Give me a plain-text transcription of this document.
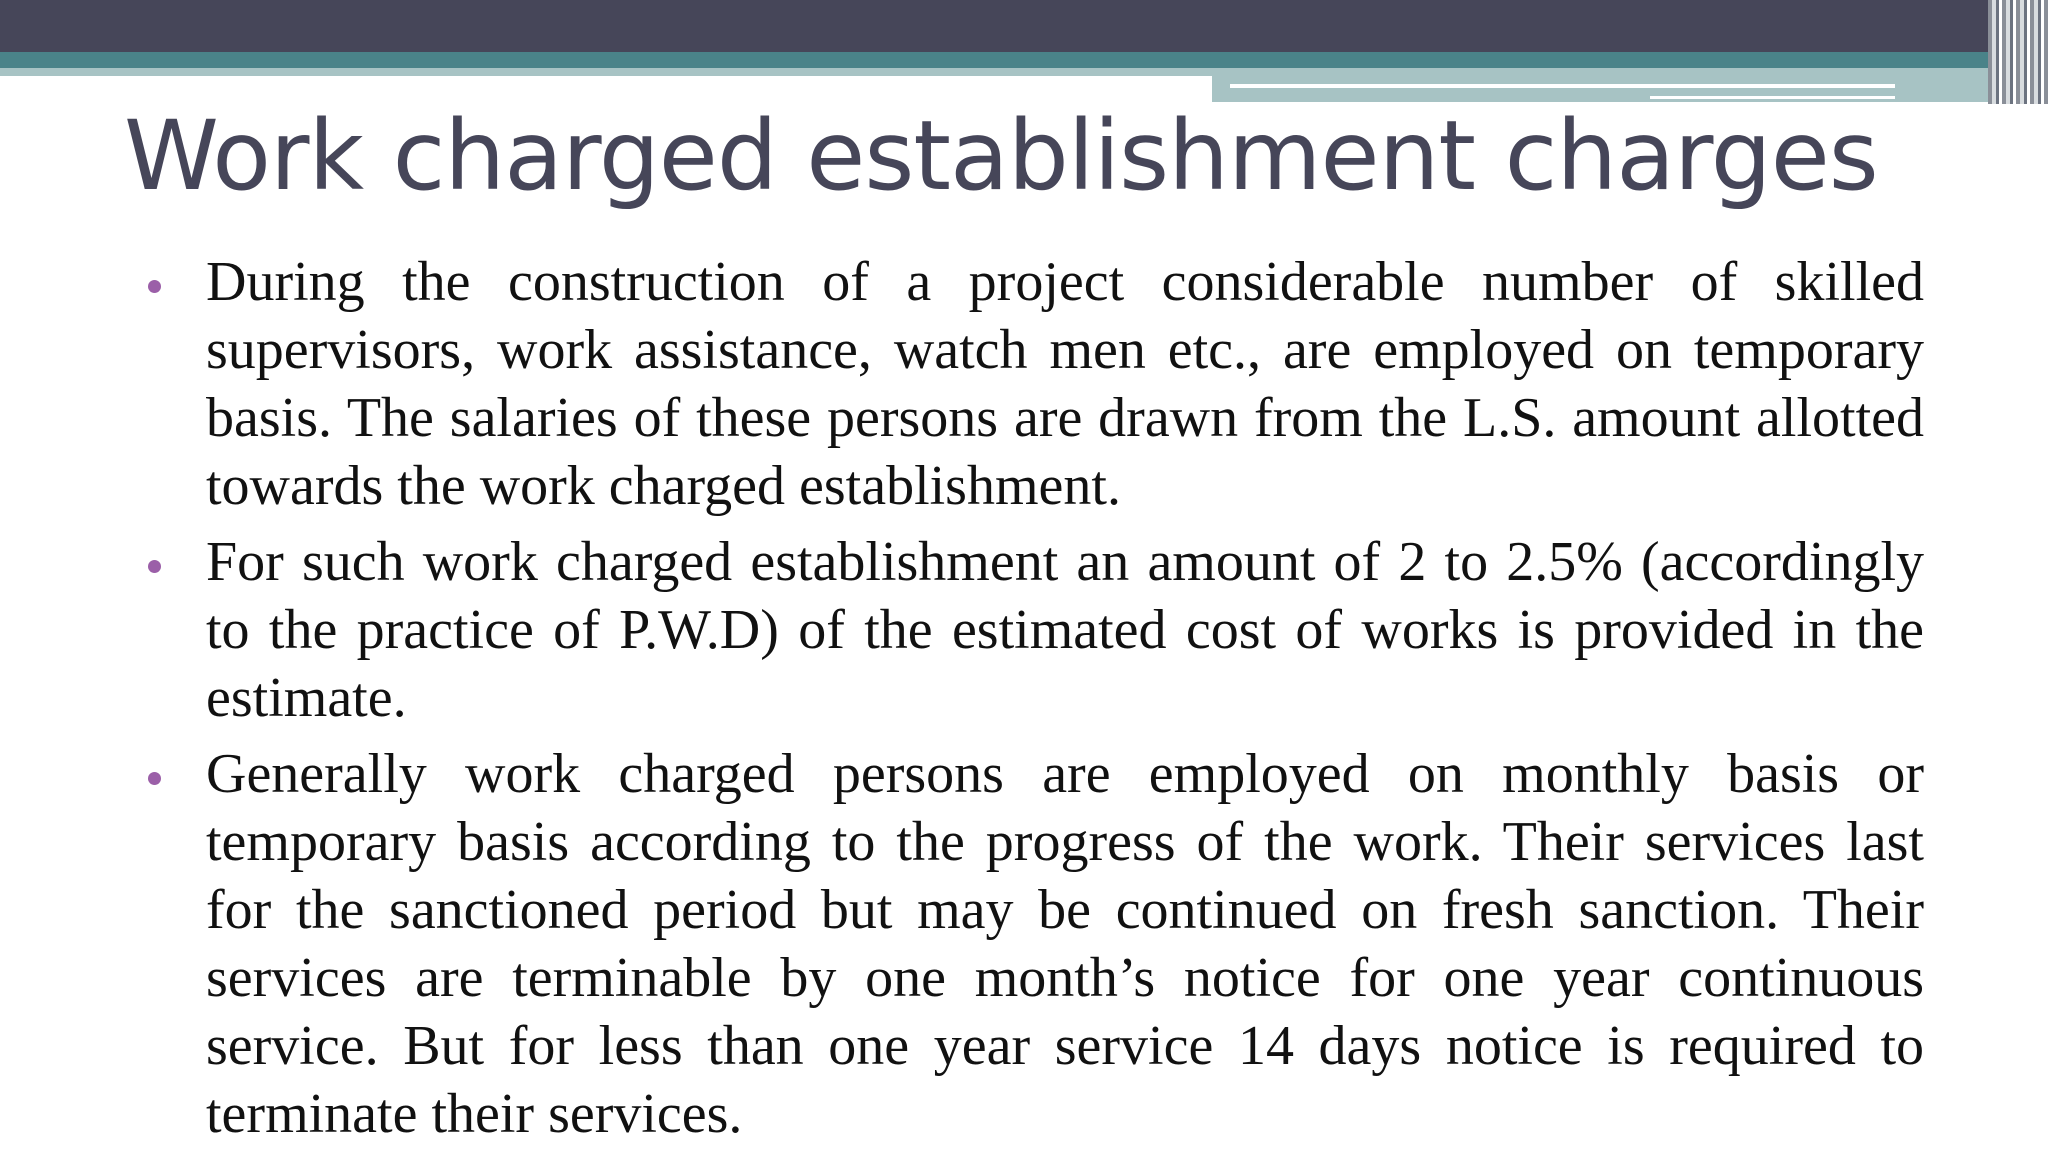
Work charged establishment charges
During the construction of a project considerable number of skilled supervisors, work assistance, watch men etc., are employed on temporary basis. The salaries of these persons are drawn from the L.S. amount allotted towards the work charged establishment.
For such work charged establishment an amount of 2 to 2.5% (accordingly to the practice of P.W.D) of the estimated cost of works is provided in the estimate.
Generally work charged persons are employed on monthly basis or temporary basis according to the progress of the work. Their services last for the sanctioned period but may be continued on fresh sanction. Their services are terminable by one month’s notice for one year continuous service. But for less than one year service 14 days notice is required to terminate their services.
